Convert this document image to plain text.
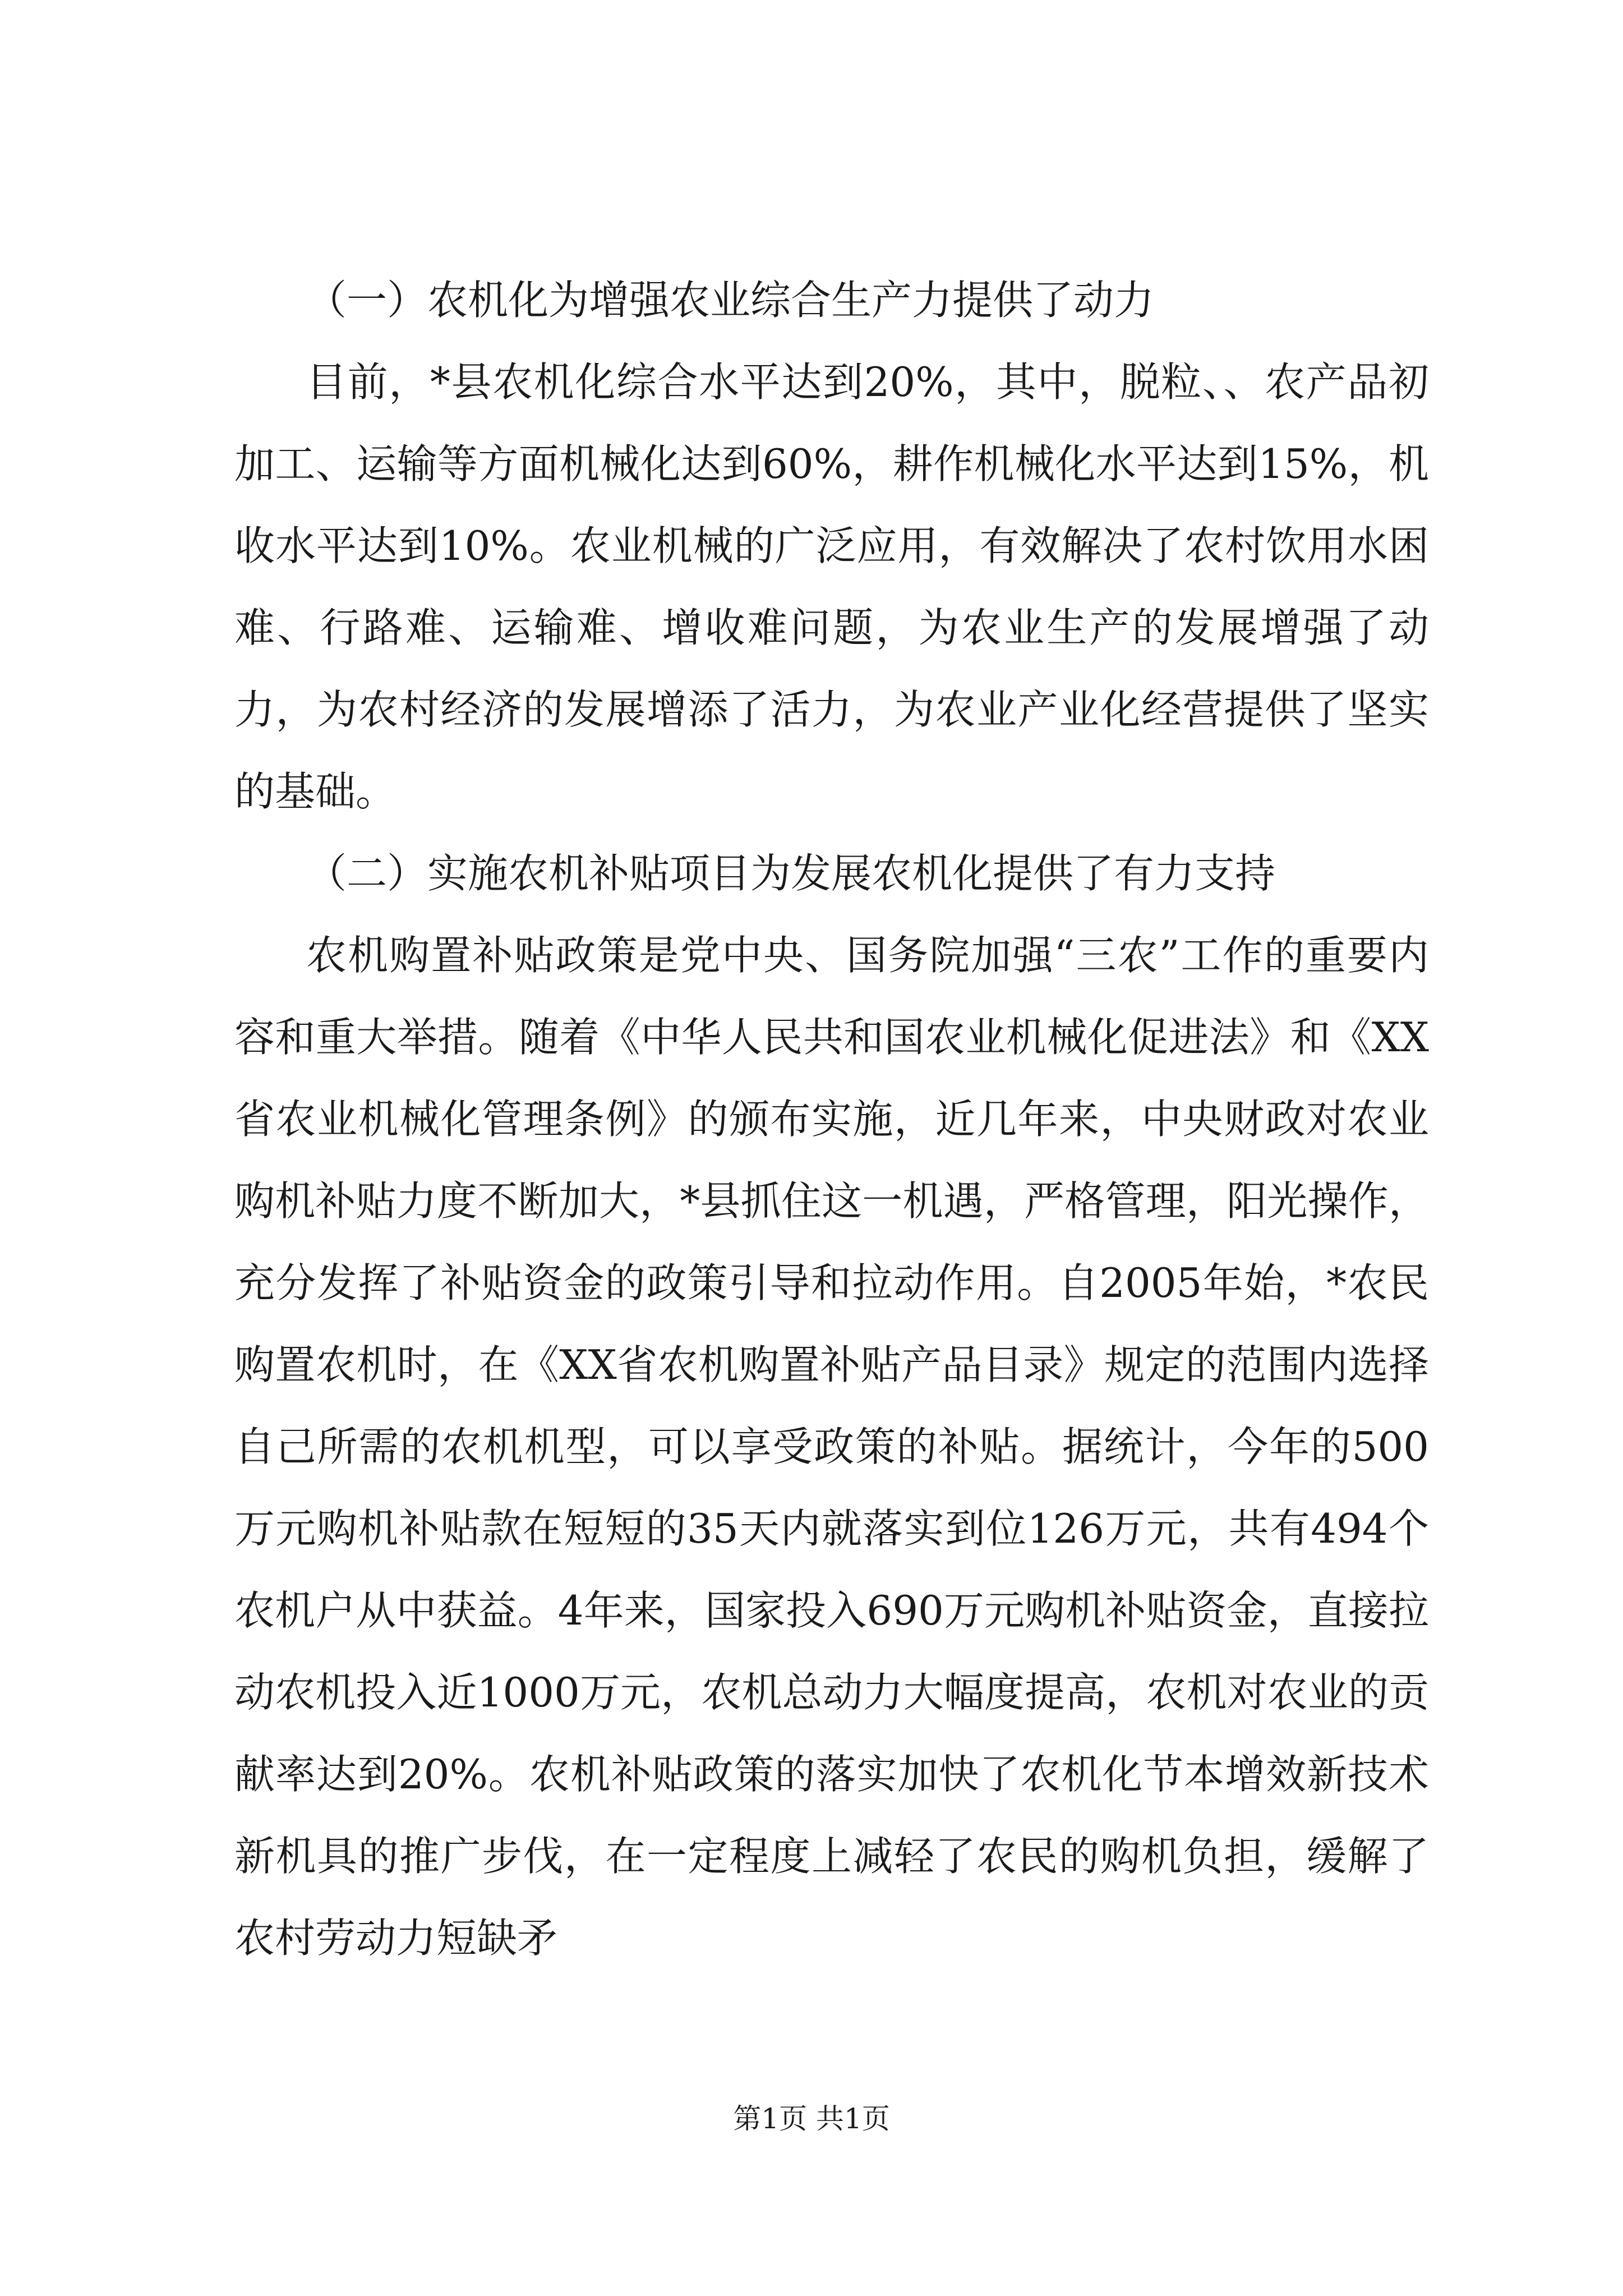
（一）农机化为增强农业综合生产力提供了动力

目前，*县农机化综合水平达到20%，其中，脱粒、、农产品初加工、运输等方面机械化达到60%，耕作机械化水平达到15%，机收水平达到10%。农业机械的广泛应用，有效解决了农村饮用水困难、行路难、运输难、增收难问题，为农业生产的发展增强了动力，为农村经济的发展增添了活力，为农业产业化经营提供了坚实的基础。

（二）实施农机补贴项目为发展农机化提供了有力支持

农机购置补贴政策是党中央、国务院加强“三农”工作的重要内容和重大举措。随着《中华人民共和国农业机械化促进法》和《XX省农业机械化管理条例》的颁布实施，近几年来，中央财政对农业购机补贴力度不断加大，*县抓住这一机遇，严格管理，阳光操作，充分发挥了补贴资金的政策引导和拉动作用。自2005年始，*农民购置农机时，在《XX省农机购置补贴产品目录》规定的范围内选择自己所需的农机机型，可以享受政策的补贴。据统计，今年的500万元购机补贴款在短短的35天内就落实到位126万元，共有494个农机户从中获益。4年来，国家投入690万元购机补贴资金，直接拉动农机投入近1000万元，农机总动力大幅度提高，农机对农业的贡献率达到20%。农机补贴政策的落实加快了农机化节本增效新技术新机具的推广步伐，在一定程度上减轻了农民的购机负担，缓解了农村劳动力短缺矛

第1页 共1页
